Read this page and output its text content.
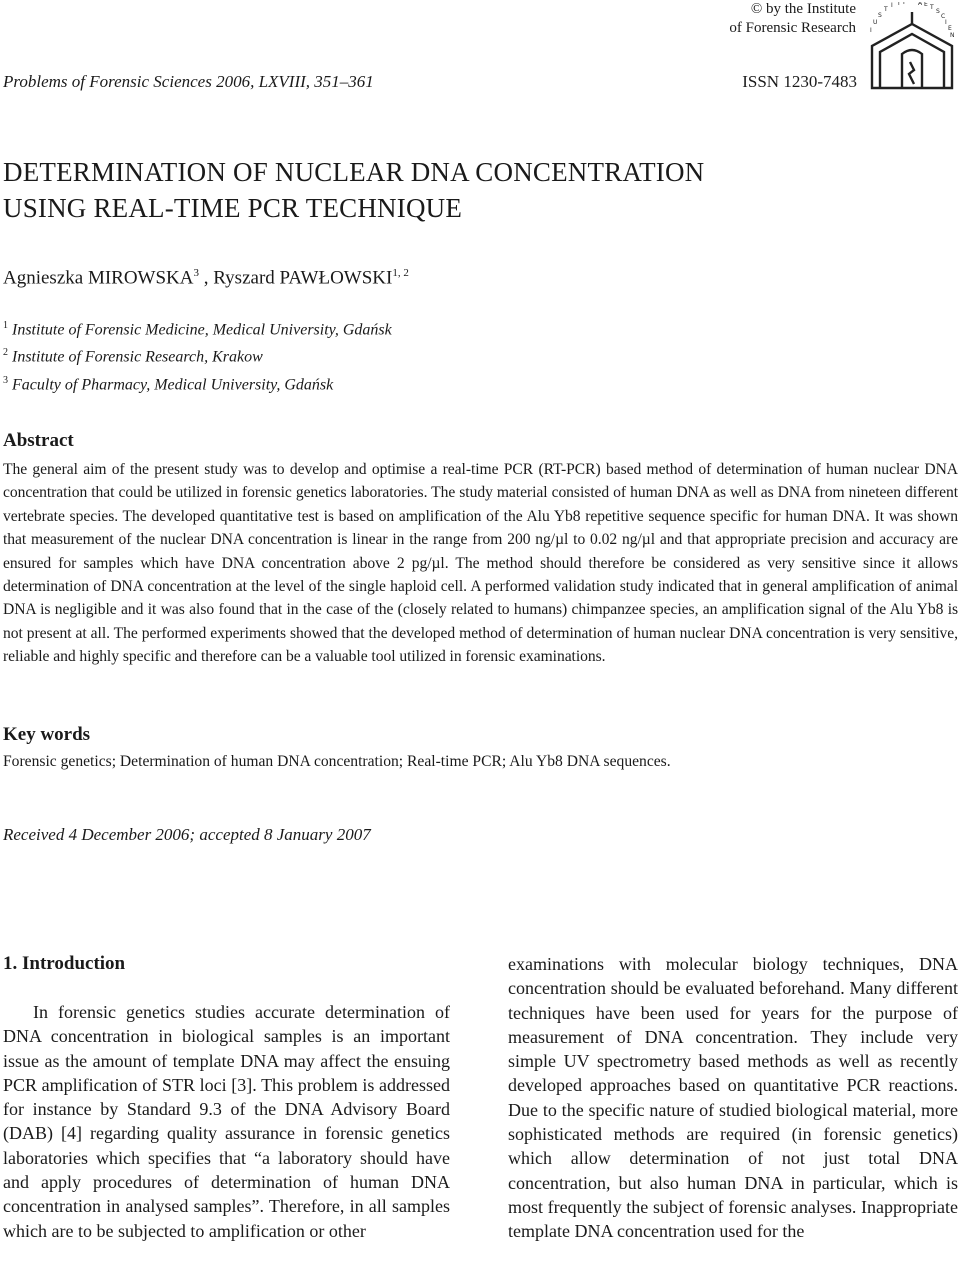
© by the Institute
of Forensic Research I
U
S
T
I T I A E T
S
C
I
E
N
Problems of Forensic Sciences 2006, LXVIII, 351–361	ISSN 1230-7483
DETERMINATION OF NUCLEAR DNA CONCENTRATION
USING REAL-TIME PCR TECHNIQUE
Agnieszka MIROWSKA$^3$ , Ryszard PAWŁOWSKI$^{1, 2}$
$^1$ Institute of Forensic Medicine, Medical University, Gdańsk
$^2$ Institute of Forensic Research, Krakow
$^3$ Faculty of Pharmacy, Medical University, Gdańsk
Abstract

The general aim of the present study was to develop and optimise a real-time PCR (RT-PCR) based method of determination of human nuclear DNA concentration that could be utilized in forensic genetics laboratories. The study material consisted of human DNA as well as DNA from nineteen different vertebrate species. The developed quantitative test is based on amplification of the Alu Yb8 repetitive sequence specific for human DNA. It was shown that measurement of the nuclear DNA concentration is linear in the range from 200 ng/µl to 0.02 ng/µl and that appropriate precision and accuracy are ensured for samples which have DNA concentration above 2 pg/µl. The method should therefore be considered as very sensitive since it allows determination of DNA concentration at the level of the single haploid cell. A performed validation study indicated that in general amplification of animal DNA is negligible and it was also found that in the case of the (closely related to humans) chimpanzee species, an amplification signal of the Alu Yb8 is not present at all. The performed experiments showed that the developed method of determination of human nuclear DNA concentration is very sensitive, reliable and highly specific and therefore can be a valuable tool utilized in forensic examinations.

Key words
Forensic genetics; Determination of human DNA concentration; Real-time PCR; Alu Yb8 DNA sequences.
Received 4 December 2006; accepted 8 January 2007
1. Introduction

In forensic genetics studies accurate determination of DNA concentration in biological samples is an important issue as the amount of template DNA may affect the ensuing PCR amplification of STR loci [3]. This problem is addressed for instance by Standard 9.3 of the DNA Advisory Board (DAB) [4] regarding quality assurance in forensic genetics laboratories which specifies that “a laboratory should have and apply procedures of determination of human DNA concentration in analysed samples”. Therefore, in all samples which are to be subjected to amplification or other

examinations with molecular biology techniques, DNA concentration should be evaluated beforehand. Many different techniques have been used for years for the purpose of measurement of DNA concentration. They include very simple UV spectrometry based methods as well as recently developed approaches based on quantitative PCR reactions. Due to the specific nature of studied biological material, more sophisticated methods are required (in forensic genetics) which allow determination of not just total DNA concentration, but also human DNA in particular, which is most frequently the subject of forensic analyses. Inappropriate template DNA concentration used for the
